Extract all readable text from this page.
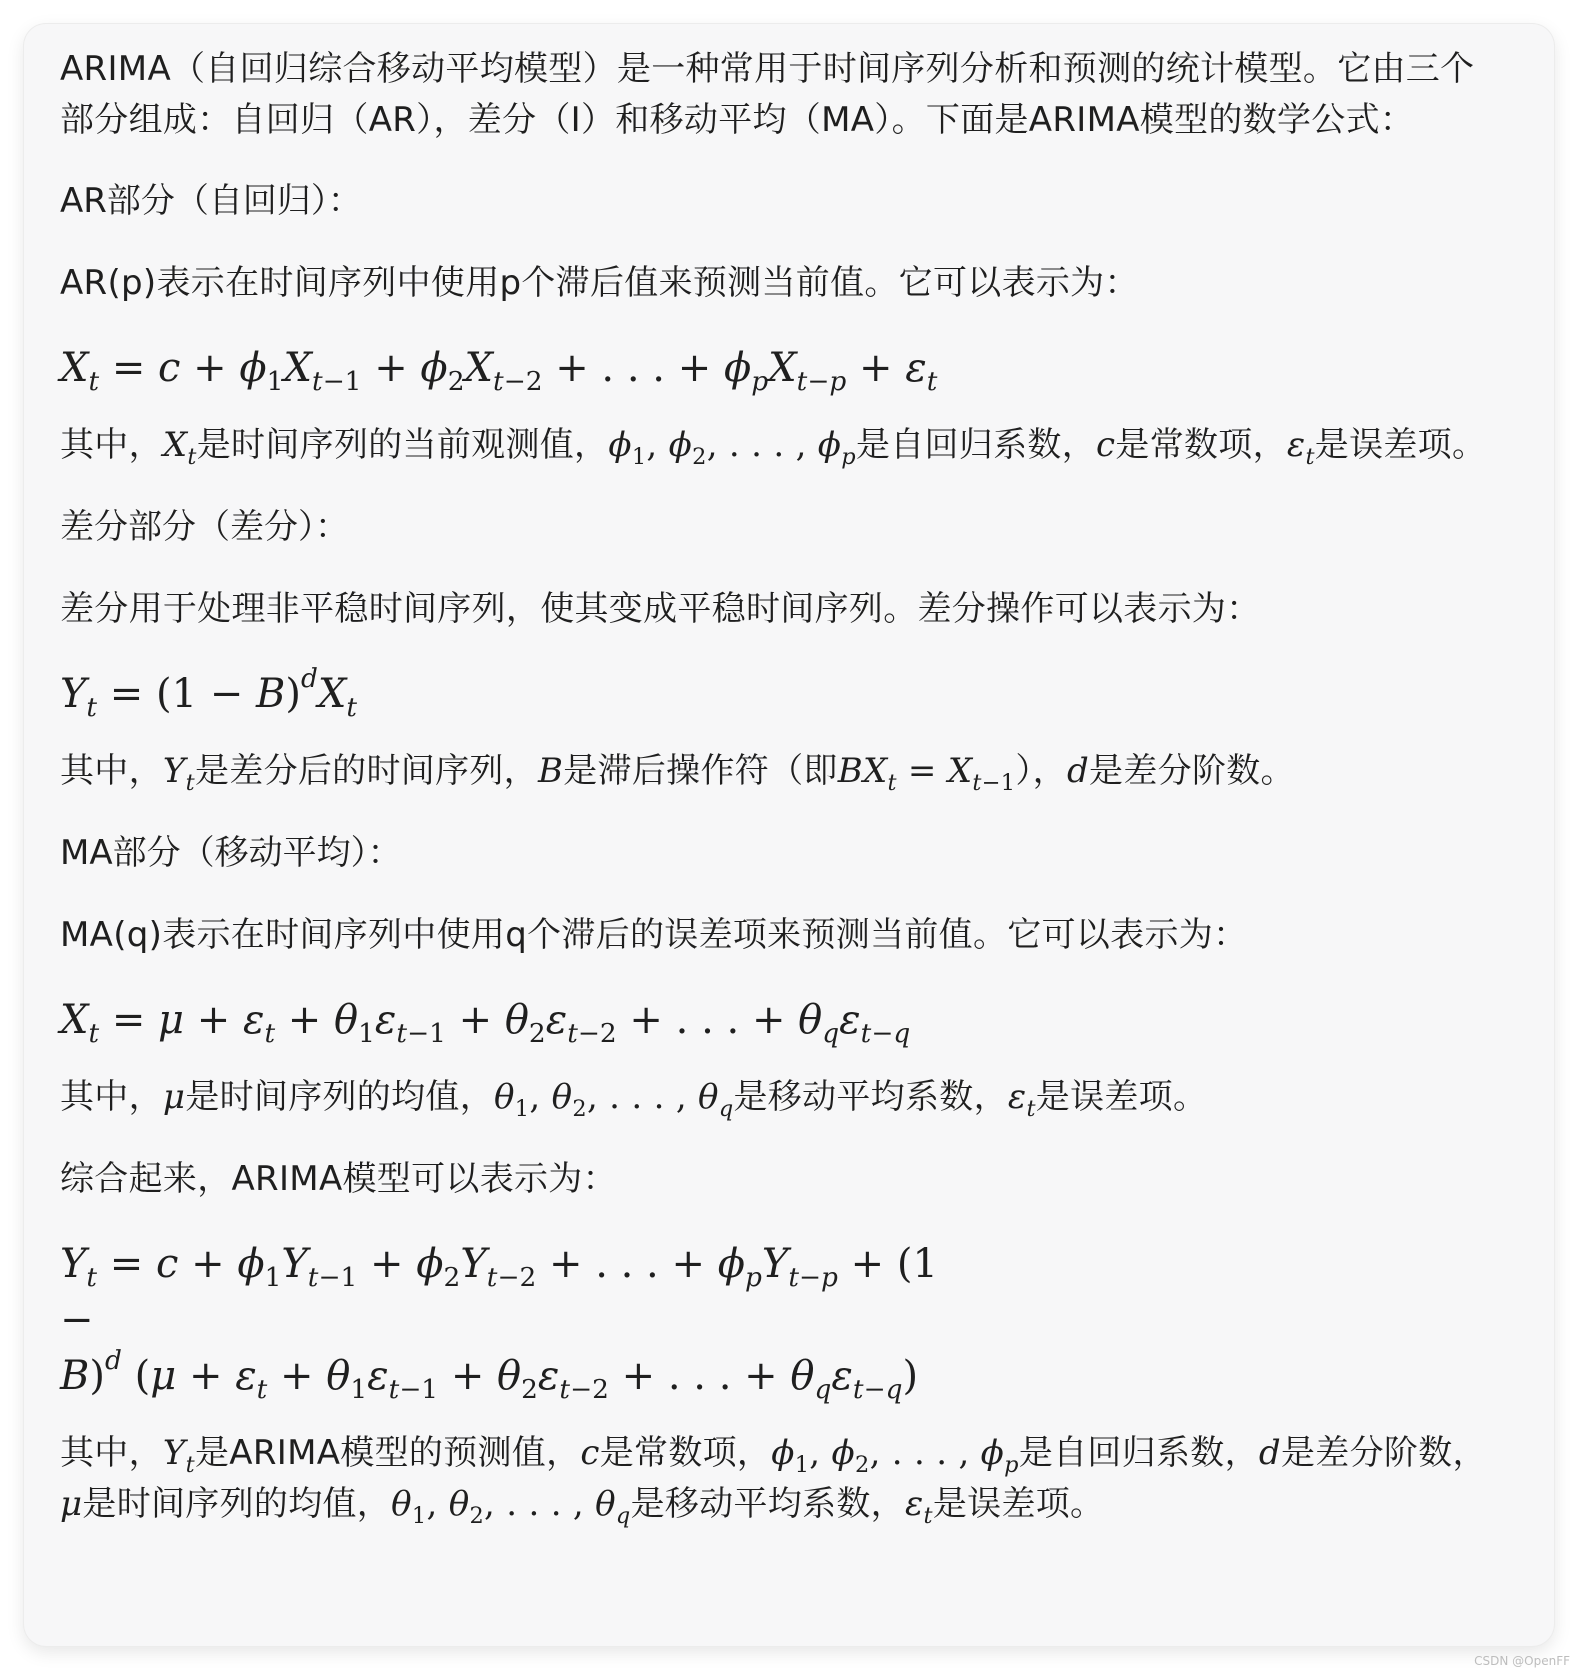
ARIMA（自回归综合移动平均模型）是一种常用于时间序列分析和预测的统计模型。它由三个部分组成：自回归（AR），差分（I）和移动平均（MA）。下面是ARIMA模型的数学公式：

AR部分（自回归）：

AR(p)表示在时间序列中使用p个滞后值来预测当前值。它可以表示为：

$X_t = c + \phi_1X_{t-1} + \phi_2X_{t-2}$ + . . . + $\phi_pX_{t-p} + \varepsilon_t$

其中，$X_t$是时间序列的当前观测值，$\phi_1$, $\phi_2$, . . . , $\phi_p$是自回归系数，c是常数项，$\varepsilon_t$是误差项。

差分部分（差分）：

差分用于处理非平稳时间序列，使其变成平稳时间序列。差分操作可以表示为：

$Y_t = (1 - B)^dX_t$

其中，$Y_t$是差分后的时间序列，B是滞后操作符（即$BX_t = X_{t-1}$），d是差分阶数。

MA部分（移动平均）：

MA(q)表示在时间序列中使用q个滞后的误差项来预测当前值。它可以表示为：

$X_t = \mu + \varepsilon_t + \theta_1\varepsilon_{t-1} + \theta_2\varepsilon_{t-2}$ + . . . + $\theta_q\varepsilon_{t-q}$

其中，μ是时间序列的均值，$\theta_1$, $\theta_2$, . . . , $\theta_q$是移动平均系数，$\varepsilon_t$是误差项。

综合起来，ARIMA模型可以表示为：

$Y_t = c + \phi_1Y_{t-1} + \phi_2Y_{t-2}$ + . . . + $\phi_pY_{t-p} + (1$ −
B)$^d$ ($\mu + \varepsilon_t + \theta_1\varepsilon_{t-1} + \theta_2\varepsilon_{t-2}$ + . . . + $\theta_q\varepsilon_{t-q}$)

其中，$Y_t$是ARIMA模型的预测值，c是常数项，$\phi_1$, $\phi_2$, . . . , $\phi_p$是自回归系数，d是差分阶数，μ是时间序列的均值，$\theta_1$, $\theta_2$, . . . , $\theta_q$是移动平均系数，$\varepsilon_t$是误差项。

CSDN @OpenFF
